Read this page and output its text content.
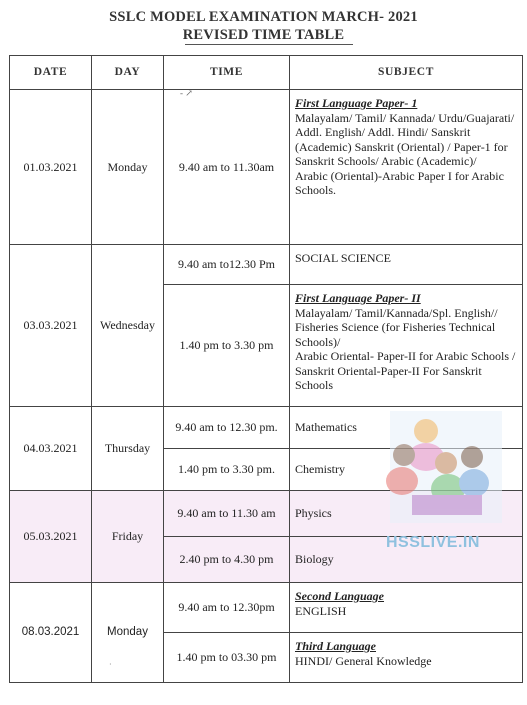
SSLC MODEL EXAMINATION MARCH- 2021
REVISED TIME TABLE
DATE	DAY	TIME	SUBJECT
01.03.2021	Monday	9.40 am to 11.30am	First Language Paper- 1
Malayalam/ Tamil/ Kannada/ Urdu/Guajarati/ Addl. English/ Addl. Hindi/ Sanskrit (Academic) Sanskrit (Oriental) / Paper-1 for Sanskrit Schools/ Arabic (Academic)/
Arabic (Oriental)-Arabic Paper I for Arabic Schools.
03.03.2021	Wednesday	9.40 am to12.30 Pm	SOCIAL SCIENCE
		1.40 pm to 3.30 pm	First Language Paper- II
Malayalam/ Tamil/Kannada/Spl. English// Fisheries Science (for Fisheries Technical Schools)/
Arabic Oriental- Paper-II for Arabic Schools / Sanskrit Oriental-Paper-II For Sanskrit Schools
04.03.2021	Thursday	9.40 am to 12.30 pm.	Mathematics
		1.40 pm to 3.30 pm.	Chemistry
05.03.2021	Friday	9.40 am to 11.30 am	Physics
		2.40 pm to 4.30 pm	Biology
08.03.2021	Monday	9.40 am to 12.30pm	Second Language
ENGLISH
		1.40 pm to 03.30 pm	Third Language
HINDI/ General Knowledge
- ↗
·
HSSLIVE.IN
